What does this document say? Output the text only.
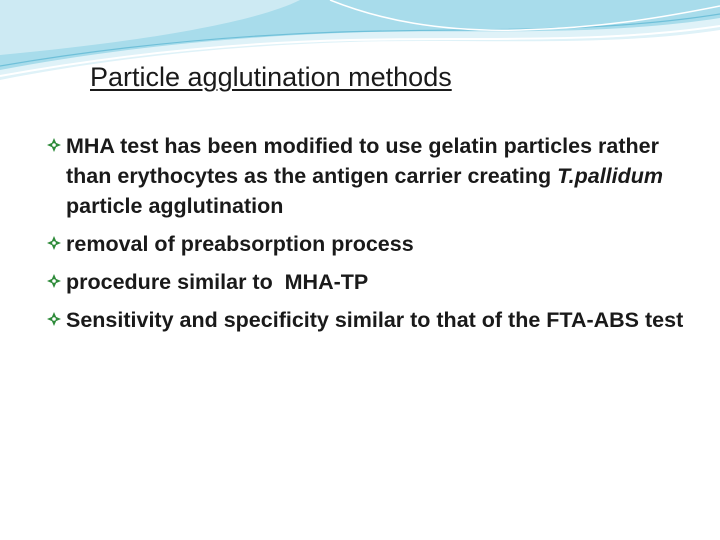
Particle agglutination methods
MHA test has been modified to use gelatin particles rather than erythocytes as the antigen carrier creating T.pallidum particle agglutination
removal of preabsorption process
procedure similar to  MHA-TP
Sensitivity and specificity similar to that of the FTA-ABS test
